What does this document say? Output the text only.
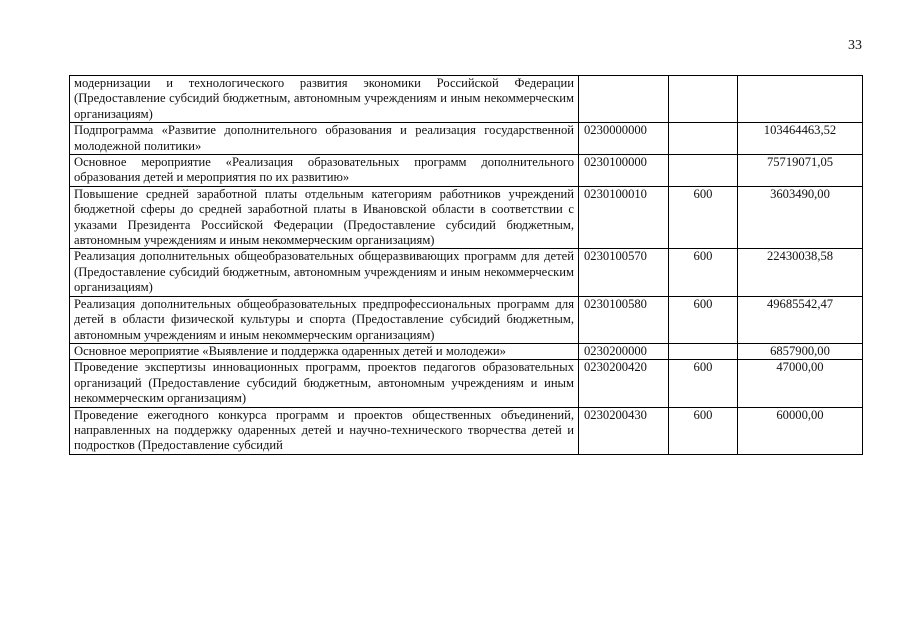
33
модернизации и технологического развития экономики Российской Федерации (Предоставление субсидий бюджетным, автономным учреждениям и иным некоммерческим организациям)			

Подпрограмма «Развитие дополнительного образования и реализация государственной молодежной политики»	0230000000		103464463,52

Основное мероприятие «Реализация образовательных программ дополнительного образования детей и мероприятия по их развитию»	0230100000		75719071,05

Повышение средней заработной платы отдельным категориям работников учреждений бюджетной сферы до средней заработной платы в Ивановской области в соответствии с указами Президента Российской Федерации (Предоставление субсидий бюджетным, автономным учреждениям и иным некоммерческим организациям)	0230100010	600	3603490,00

Реализация дополнительных общеобразовательных общеразвивающих программ для детей (Предоставление субсидий бюджетным, автономным учреждениям и иным некоммерческим организациям)	0230100570	600	22430038,58

Реализация дополнительных общеобразовательных предпрофессиональных программ для детей в области физической культуры и спорта (Предоставление субсидий бюджетным, автономным учреждениям и иным некоммерческим организациям)	0230100580	600	49685542,47

Основное мероприятие «Выявление и поддержка одаренных детей и молодежи»	0230200000		6857900,00

Проведение экспертизы инновационных программ, проектов педагогов образовательных организаций (Предоставление субсидий бюджетным, автономным учреждениям и иным некоммерческим организациям)	0230200420	600	47000,00

Проведение ежегодного конкурса программ и проектов общественных объединений, направленных на поддержку одаренных детей и научно-технического творчества детей и подростков (Предоставление субсидий	0230200430	600	60000,00
